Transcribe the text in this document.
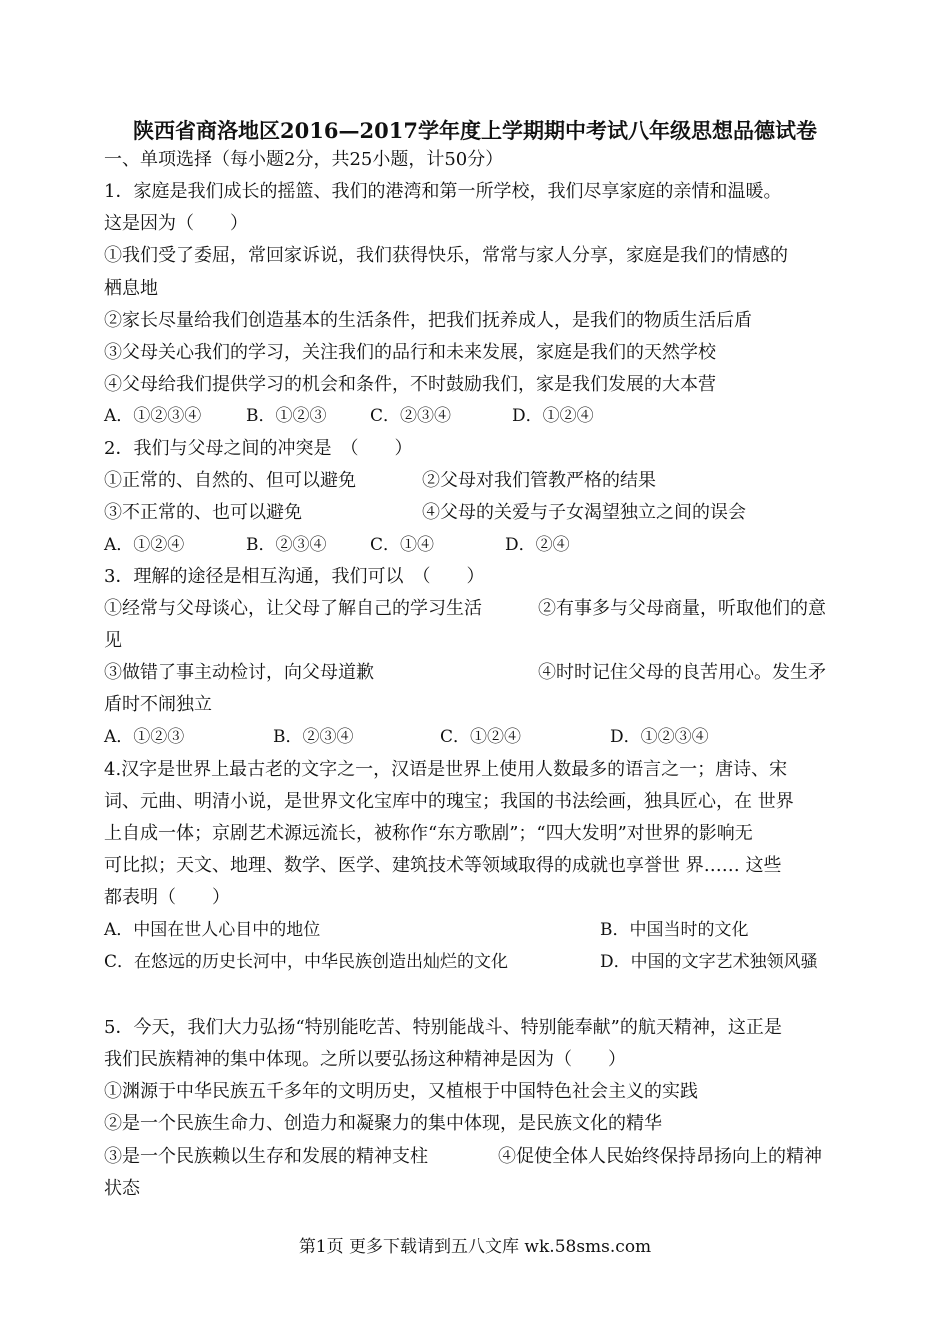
陕西省商洛地区2016—2017学年度上学期期中考试八年级思想品德试卷
一、单项选择（每小题2分，共25小题，计50分）
1．家庭是我们成长的摇篮、我们的港湾和第一所学校，我们尽享家庭的亲情和温暖。
这是因为（　　）
①我们受了委屈，常回家诉说，我们获得快乐，常常与家人分享，家庭是我们的情感的
栖息地
②家长尽量给我们创造基本的生活条件，把我们抚养成人，是我们的物质生活后盾
③父母关心我们的学习，关注我们的品行和未来发展，家庭是我们的天然学校
④父母给我们提供学习的机会和条件，不时鼓励我们，家是我们发展的大本营
A．①②③④	B．①②③	C．②③④	D．①②④
2．我们与父母之间的冲突是　（　　）
①正常的、自然的、但可以避免	②父母对我们管教严格的结果
③不正常的、也可以避免	④父母的关爱与子女渴望独立之间的误会
A．①②④	B．②③④	C．①④	D．②④
3．理解的途径是相互沟通，我们可以　（　　）
①经常与父母谈心，让父母了解自己的学习生活	②有事多与父母商量，听取他们的意
见
③做错了事主动检讨，向父母道歉	④时时记住父母的良苦用心。发生矛
盾时不闹独立
A．①②③	B．②③④	C．①②④	D．①②③④
4.汉字是世界上最古老的文字之一，汉语是世界上使用人数最多的语言之一；唐诗、宋
词、元曲、明清小说，是世界文化宝库中的瑰宝；我国的书法绘画，独具匠心，在 世界
上自成一体；京剧艺术源远流长，被称作“东方歌剧”；“四大发明”对世界的影响无
可比拟；天文、地理、数学、医学、建筑技术等领域取得的成就也享誉世 界…… 这些
都表明（　　）
A．中国在世人心目中的地位	B．中国当时的文化
C．在悠远的历史长河中，中华民族创造出灿烂的文化	D．中国的文字艺术独领风骚
5．今天，我们大力弘扬“特别能吃苦、特别能战斗、特别能奉献”的航天精神，这正是
我们民族精神的集中体现。之所以要弘扬这种精神是因为（　　）
①渊源于中华民族五千多年的文明历史，又植根于中国特色社会主义的实践
②是一个民族生命力、创造力和凝聚力的集中体现，是民族文化的精华
③是一个民族赖以生存和发展的精神支柱	④促使全体人民始终保持昂扬向上的精神
状态
第1页 更多下载请到五八文库 wk.58sms.com
